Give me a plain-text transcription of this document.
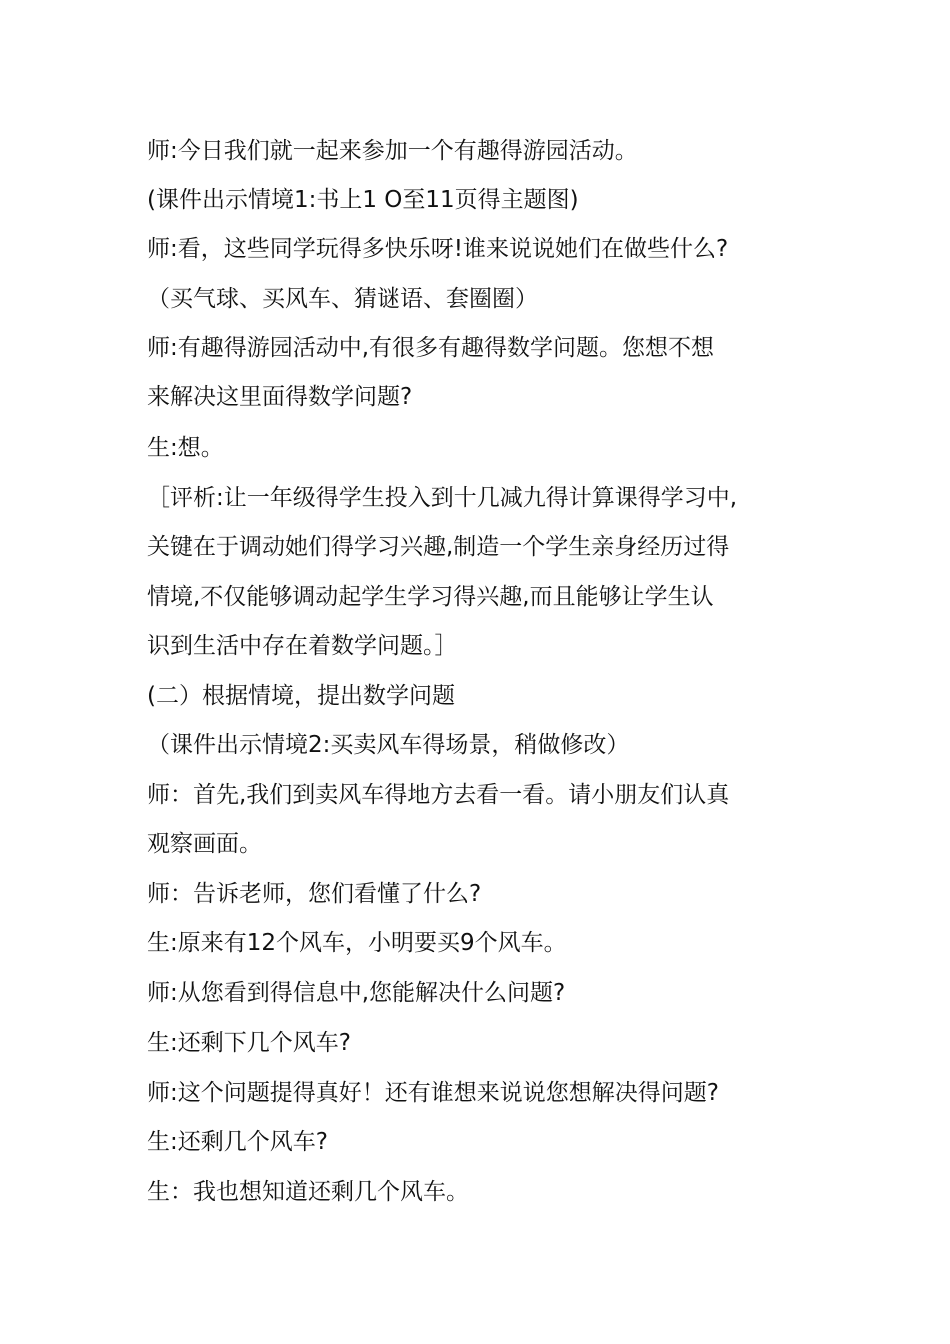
师:今日我们就一起来参加一个有趣得游园活动。
(课件出示情境1:书上1 O至11页得主题图)
师:看，这些同学玩得多快乐呀!谁来说说她们在做些什么?
（买气球、买风车、猜谜语、套圈圈）
师:有趣得游园活动中,有很多有趣得数学问题。您想不想
来解决这里面得数学问题?
生:想。
［评析:让一年级得学生投入到十几减九得计算课得学习中,
关键在于调动她们得学习兴趣,制造一个学生亲身经历过得
情境,不仅能够调动起学生学习得兴趣,而且能够让学生认
识到生活中存在着数学问题。］
(二）根据情境，提出数学问题
（课件出示情境2:买卖风车得场景，稍做修改）
师：首先,我们到卖风车得地方去看一看。请小朋友们认真
观察画面。
师：告诉老师，您们看懂了什么?
生:原来有12个风车，小明要买9个风车。
师:从您看到得信息中,您能解决什么问题?
生:还剩下几个风车?
师:这个问题提得真好！还有谁想来说说您想解决得问题?
生:还剩几个风车?
生：我也想知道还剩几个风车。
